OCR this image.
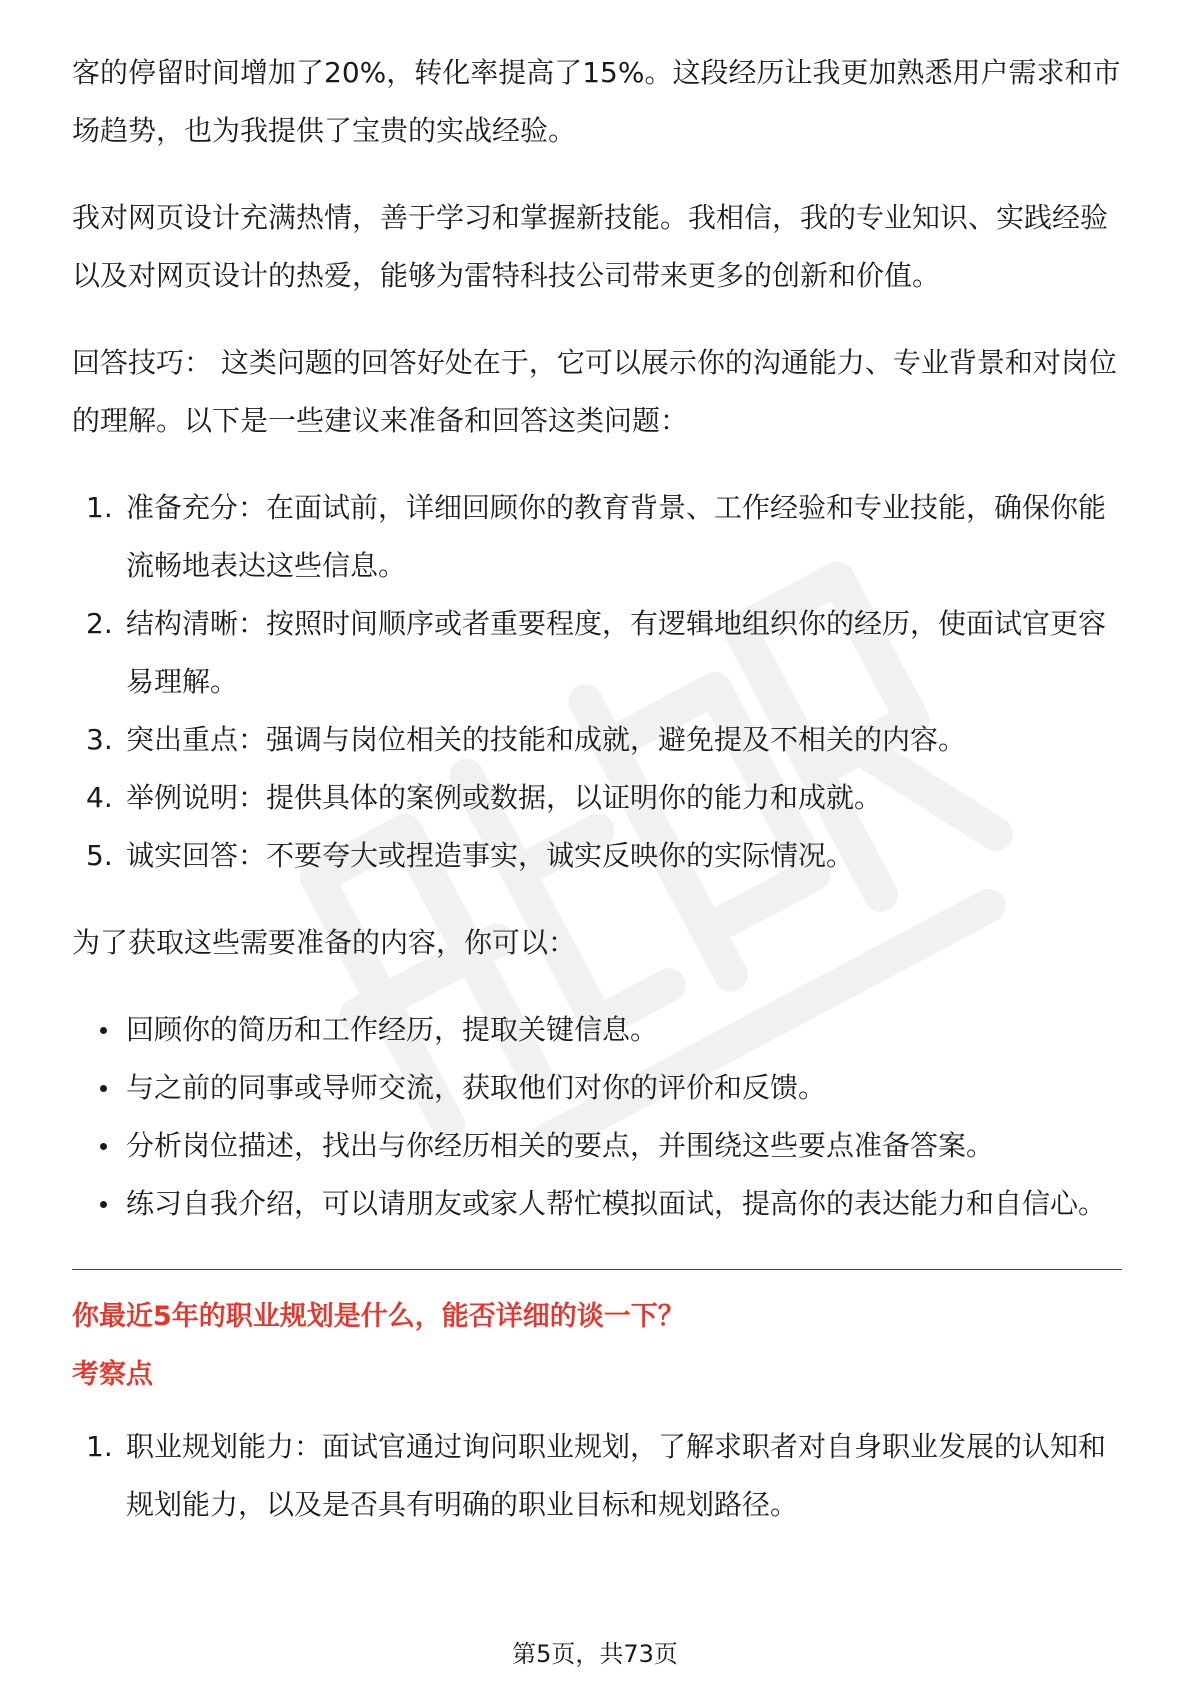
客的停留时间增加了20%，转化率提高了15%。这段经历让我更加熟悉用户需求和市场趋势，也为我提供了宝贵的实战经验。

我对网页设计充满热情，善于学习和掌握新技能。我相信，我的专业知识、实践经验以及对网页设计的热爱，能够为雷特科技公司带来更多的创新和价值。

回答技巧： 这类问题的回答好处在于，它可以展示你的沟通能力、专业背景和对岗位的理解。以下是一些建议来准备和回答这类问题：

1. 准备充分：在面试前，详细回顾你的教育背景、工作经验和专业技能，确保你能流畅地表达这些信息。
2. 结构清晰：按照时间顺序或者重要程度，有逻辑地组织你的经历，使面试官更容易理解。
3. 突出重点：强调与岗位相关的技能和成就，避免提及不相关的内容。
4. 举例说明：提供具体的案例或数据，以证明你的能力和成就。
5. 诚实回答：不要夸大或捏造事实，诚实反映你的实际情况。

为了获取这些需要准备的内容，你可以：

回顾你的简历和工作经历，提取关键信息。
与之前的同事或导师交流，获取他们对你的评价和反馈。
分析岗位描述，找出与你经历相关的要点，并围绕这些要点准备答案。
练习自我介绍，可以请朋友或家人帮忙模拟面试，提高你的表达能力和自信心。

你最近5年的职业规划是什么，能否详细的谈一下？

考察点

1. 职业规划能力：面试官通过询问职业规划，了解求职者对自身职业发展的认知和规划能力，以及是否具有明确的职业目标和规划路径。
第5页，共73页
